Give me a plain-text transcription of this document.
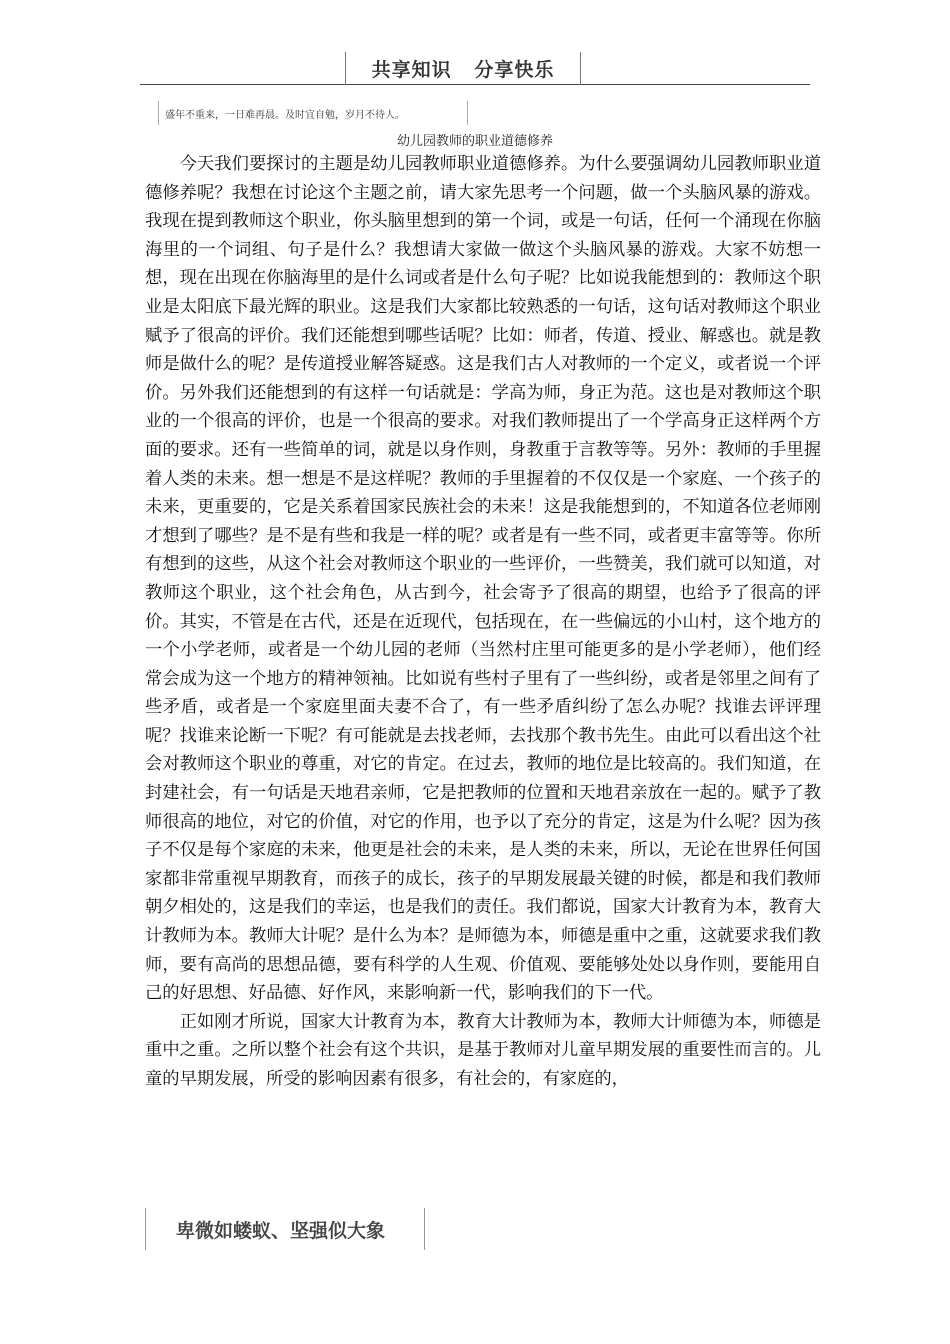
共享知识   分享快乐
盛年不重来，一日难再晨。及时宜自勉，岁月不待人。
幼儿园教师的职业道德修养

今天我们要探讨的主题是幼儿园教师职业道德修养。为什么要强调幼儿园教师职业道德修养呢？我想在讨论这个主题之前，请大家先思考一个问题，做一个头脑风暴的游戏。我现在提到教师这个职业，你头脑里想到的第一个词，或是一句话，任何一个涌现在你脑海里的一个词组、句子是什么？我想请大家做一做这个头脑风暴的游戏。大家不妨想一想，现在出现在你脑海里的是什么词或者是什么句子呢？比如说我能想到的：教师这个职业是太阳底下最光辉的职业。这是我们大家都比较熟悉的一句话，这句话对教师这个职业赋予了很高的评价。我们还能想到哪些话呢？比如：师者，传道、授业、解惑也。就是教师是做什么的呢？是传道授业解答疑惑。这是我们古人对教师的一个定义，或者说一个评价。另外我们还能想到的有这样一句话就是：学高为师，身正为范。这也是对教师这个职业的一个很高的评价，也是一个很高的要求。对我们教师提出了一个学高身正这样两个方面的要求。还有一些简单的词，就是以身作则，身教重于言教等等。另外：教师的手里握着人类的未来。想一想是不是这样呢？教师的手里握着的不仅仅是一个家庭、一个孩子的未来，更重要的，它是关系着国家民族社会的未来！这是我能想到的，不知道各位老师刚才想到了哪些？是不是有些和我是一样的呢？或者是有一些不同，或者更丰富等等。你所有想到的这些，从这个社会对教师这个职业的一些评价，一些赞美，我们就可以知道，对教师这个职业，这个社会角色，从古到今，社会寄予了很高的期望，也给予了很高的评价。其实，不管是在古代，还是在近现代，包括现在，在一些偏远的小山村，这个地方的一个小学老师，或者是一个幼儿园的老师（当然村庄里可能更多的是小学老师），他们经常会成为这一个地方的精神领袖。比如说有些村子里有了一些纠纷，或者是邻里之间有了些矛盾，或者是一个家庭里面夫妻不合了，有一些矛盾纠纷了怎么办呢？找谁去评评理呢？找谁来论断一下呢？有可能就是去找老师，去找那个教书先生。由此可以看出这个社会对教师这个职业的尊重，对它的肯定。在过去，教师的地位是比较高的。我们知道，在封建社会，有一句话是天地君亲师，它是把教师的位置和天地君亲放在一起的。赋予了教师很高的地位，对它的价值，对它的作用，也予以了充分的肯定，这是为什么呢？因为孩子不仅是每个家庭的未来，他更是社会的未来，是人类的未来，所以，无论在世界任何国家都非常重视早期教育，而孩子的成长，孩子的早期发展最关键的时候，都是和我们教师朝夕相处的，这是我们的幸运，也是我们的责任。我们都说，国家大计教育为本，教育大计教师为本。教师大计呢？是什么为本？是师德为本，师德是重中之重，这就要求我们教师，要有高尚的思想品德，要有科学的人生观、价值观、要能够处处以身作则，要能用自己的好思想、好品德、好作风，来影响新一代，影响我们的下一代。

正如刚才所说，国家大计教育为本，教育大计教师为本，教师大计师德为本，师德是重中之重。之所以整个社会有这个共识，是基于教师对儿童早期发展的重要性而言的。儿童的早期发展，所受的影响因素有很多，有社会的，有家庭的，

卑微如蝼蚁、坚强似大象
